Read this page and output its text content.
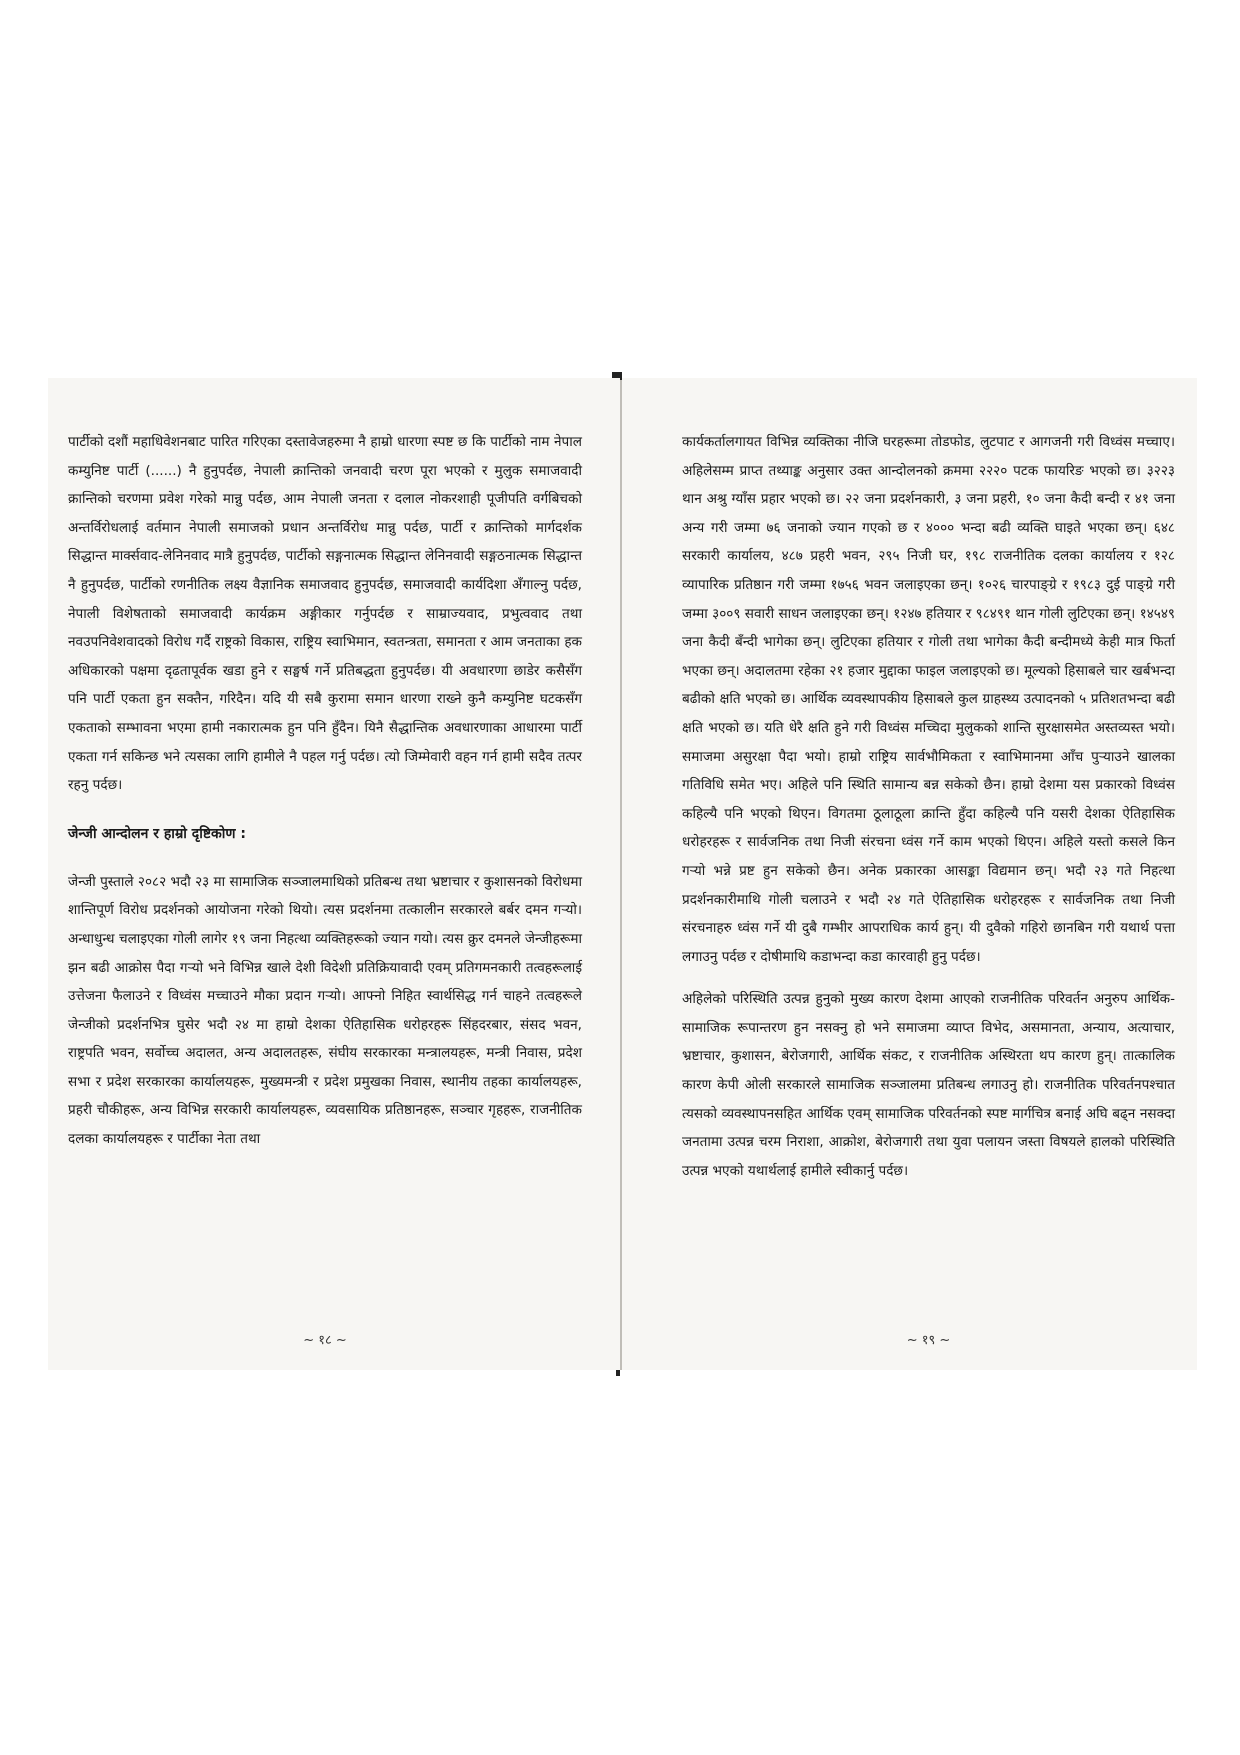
पार्टीको दशौं महाधिवेशनबाट पारित गरिएका दस्तावेजहरुमा नै हाम्रो धारणा स्पष्ट छ कि पार्टीको नाम नेपाल कम्युनिष्ट पार्टी (......) नै हुनुपर्दछ, नेपाली क्रान्तिको जनवादी चरण पूरा भएको र मुलुक समाजवादी क्रान्तिको चरणमा प्रवेश गरेको मान्नु पर्दछ, आम नेपाली जनता र दलाल नोकरशाही पूजीपति वर्गबिचको अन्तर्विरोधलाई वर्तमान नेपाली समाजको प्रधान अन्तर्विरोध मान्नु पर्दछ, पार्टी र क्रान्तिको मार्गदर्शक सिद्धान्त मार्क्सवाद-लेनिनवाद मात्रै हुनुपर्दछ, पार्टीको सङ्गनात्मक सिद्धान्त लेनिनवादी सङ्गठनात्मक सिद्धान्त नै हुनुपर्दछ, पार्टीको रणनीतिक लक्ष्य वैज्ञानिक समाजवाद हुनुपर्दछ, समाजवादी कार्यदिशा अँगाल्नु पर्दछ, नेपाली विशेषताको समाजवादी कार्यक्रम अङ्गीकार गर्नुपर्दछ र साम्राज्यवाद, प्रभुत्ववाद तथा नवउपनिवेशवादको विरोध गर्दै राष्ट्रको विकास, राष्ट्रिय स्वाभिमान, स्वतन्त्रता, समानता र आम जनताका हक अधिकारको पक्षमा दृढतापूर्वक खडा हुने र सङ्घर्ष गर्ने प्रतिबद्धता हुनुपर्दछ। यी अवधारणा छाडेर कसैसँग पनि पार्टी एकता हुन सक्तैन, गरिदैन। यदि यी सबै कुरामा समान धारणा राख्ने कुनै कम्युनिष्ट घटकसँग एकताको सम्भावना भएमा हामी नकारात्मक हुन पनि हुँदैन। यिनै सैद्धान्तिक अवधारणाका आधारमा पार्टी एकता गर्न सकिन्छ भने त्यसका लागि हामीले नै पहल गर्नु पर्दछ। त्यो जिम्मेवारी वहन गर्न हामी सदैव तत्पर रहनु पर्दछ।

जेन्जी आन्दोलन र हाम्रो दृष्टिकोण :

जेन्जी पुस्ताले २०८२ भदौ २३ मा सामाजिक सञ्जालमाथिको प्रतिबन्ध तथा भ्रष्टाचार र कुशासनको विरोधमा शान्तिपूर्ण विरोध प्रदर्शनको आयोजना गरेको थियो। त्यस प्रदर्शनमा तत्कालीन सरकारले बर्बर दमन गर्‍यो। अन्धाधुन्ध चलाइएका गोली लागेर १९ जना निहत्था व्यक्तिहरूको ज्यान गयो। त्यस क्रुर दमनले जेन्जीहरूमा झन बढी आक्रोस पैदा गर्‍यो भने विभिन्न खाले देशी विदेशी प्रतिक्रियावादी एवम् प्रतिगमनकारी तत्वहरूलाई उत्तेजना फैलाउने र विध्वंस मच्चाउने मौका प्रदान गर्‍यो। आफ्नो निहित स्वार्थसिद्ध गर्न चाहने तत्वहरूले जेन्जीको प्रदर्शनभित्र घुसेर भदौ २४ मा हाम्रो देशका ऐतिहासिक धरोहरहरू सिंहदरबार, संसद भवन, राष्ट्रपति भवन, सर्वोच्च अदालत, अन्य अदालतहरू, संघीय सरकारका मन्त्रालयहरू, मन्त्री निवास, प्रदेश सभा र प्रदेश सरकारका कार्यालयहरू, मुख्यमन्त्री र प्रदेश प्रमुखका निवास, स्थानीय तहका कार्यालयहरू, प्रहरी चौकीहरू, अन्य विभिन्न सरकारी कार्यालयहरू, व्यवसायिक प्रतिष्ठानहरू, सञ्चार गृहहरू, राजनीतिक दलका कार्यालयहरू र पार्टीका नेता तथा

~ १८ ~

कार्यकर्तालगायत विभिन्न व्यक्तिका नीजि घरहरूमा तोडफोड, लुटपाट र आगजनी गरी विध्वंस मच्चाए। अहिलेसम्म प्राप्त तथ्याङ्क अनुसार उक्त आन्दोलनको क्रममा २२२० पटक फायरिङ भएको छ। ३२२३ थान अश्रु ग्याँस प्रहार भएको छ। २२ जना प्रदर्शनकारी, ३ जना प्रहरी, १० जना कैदी बन्दी र ४१ जना अन्य गरी जम्मा ७६ जनाको ज्यान गएको छ र ४००० भन्दा बढी व्यक्ति घाइते भएका छन्। ६४८ सरकारी कार्यालय, ४८७ प्रहरी भवन, २९५ निजी घर, १९८ राजनीतिक दलका कार्यालय र १२८ व्यापारिक प्रतिष्ठान गरी जम्मा १७५६ भवन जलाइएका छन्। १०२६ चारपाङ्ग्रे र १९८३ दुई पाङ्ग्रे गरी जम्मा ३००९ सवारी साधन जलाइएका छन्। १२४७ हतियार र ९८४९१ थान गोली लुटिएका छन्। १४५४९ जना कैदी बँन्दी भागेका छन्। लुटिएका हतियार र गोली तथा भागेका कैदी बन्दीमध्ये केही मात्र फिर्ता भएका छन्। अदालतमा रहेका २१ हजार मुद्दाका फाइल जलाइएको छ। मूल्यको हिसाबले चार खर्बभन्दा बढीको क्षति भएको छ। आर्थिक व्यवस्थापकीय हिसाबले कुल ग्राहस्थ्य उत्पादनको ५ प्रतिशतभन्दा बढी क्षति भएको छ। यति धेरै क्षति हुने गरी विध्वंस मच्चिदा मुलुकको शान्ति सुरक्षासमेत अस्तव्यस्त भयो। समाजमा असुरक्षा पैदा भयो। हाम्रो राष्ट्रिय सार्वभौमिकता र स्वाभिमानमा आँच पुर्‍याउने खालका गतिविधि समेत भए। अहिले पनि स्थिति सामान्य बन्न सकेको छैन। हाम्रो देशमा यस प्रकारको विध्वंस कहिल्यै पनि भएको थिएन। विगतमा ठूलाठूला क्रान्ति हुँदा कहिल्यै पनि यसरी देशका ऐतिहासिक धरोहरहरू र सार्वजनिक तथा निजी संरचना ध्वंस गर्ने काम भएको थिएन। अहिले यस्तो कसले किन गर्‍यो भन्ने प्रष्ट हुन सकेको छैन। अनेक प्रकारका आसङ्का विद्यमान छन्। भदौ २३ गते निहत्था प्रदर्शनकारीमाथि गोली चलाउने र भदौ २४ गते ऐतिहासिक धरोहरहरू र सार्वजनिक तथा निजी संरचनाहरु ध्वंस गर्ने यी दुबै गम्भीर आपराधिक कार्य हुन्। यी दुवैको गहिरो छानबिन गरी यथार्थ पत्ता लगाउनु पर्दछ र दोषीमाथि कडाभन्दा कडा कारवाही हुनु पर्दछ।

अहिलेको परिस्थिति उत्पन्न हुनुको मुख्य कारण देशमा आएको राजनीतिक परिवर्तन अनुरुप आर्थिक-सामाजिक रूपान्तरण हुन नसक्नु हो भने समाजमा व्याप्त विभेद, असमानता, अन्याय, अत्याचार, भ्रष्टाचार, कुशासन, बेरोजगारी, आर्थिक संकट, र राजनीतिक अस्थिरता थप कारण हुन्। तात्कालिक कारण केपी ओली सरकारले सामाजिक सञ्जालमा प्रतिबन्ध लगाउनु हो। राजनीतिक परिवर्तनपश्चात त्यसको व्यवस्थापनसहित आर्थिक एवम् सामाजिक परिवर्तनको स्पष्ट मार्गचित्र बनाई अघि बढ्न नसक्दा जनतामा उत्पन्न चरम निराशा, आक्रोश, बेरोजगारी तथा युवा पलायन जस्ता विषयले हालको परिस्थिति उत्पन्न भएको यथार्थलाई हामीले स्वीकार्नु पर्दछ।

~ १९ ~
